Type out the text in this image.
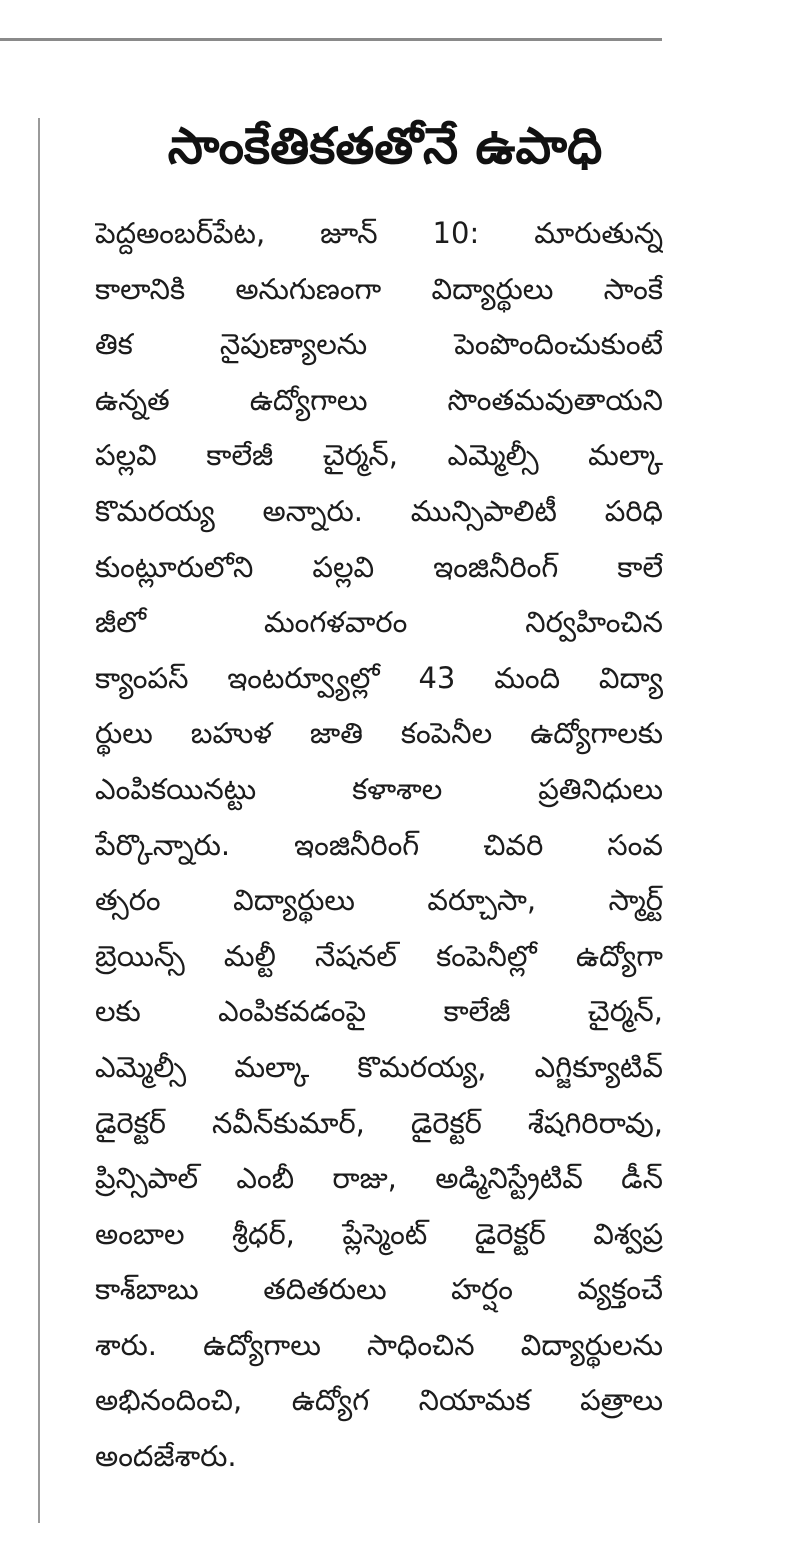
సాంకేతికతతోనే ఉపాధి
పెద్దఅంబర్‌పేట, జూన్ 10: మారుతున్న
కాలానికి అనుగుణంగా విద్యార్థులు సాంకే
తిక నైపుణ్యాలను పెంపొందించుకుంటే
ఉన్నత ఉద్యోగాలు సొంతమవుతాయని
పల్లవి కాలేజీ చైర్మన్, ఎమ్మెల్సీ మల్కా
కొమరయ్య అన్నారు. మున్సిపాలిటీ పరిధి
కుంట్లూరులోని పల్లవి ఇంజినీరింగ్ కాలే
జీలో మంగళవారం నిర్వహించిన
క్యాంపస్ ఇంటర్వ్యూల్లో 43 మంది విద్యా
ర్థులు బహుళ జాతి కంపెనీల ఉద్యోగాలకు
ఎంపికయినట్టు కళాశాల ప్రతినిధులు
పేర్కొన్నారు. ఇంజినీరింగ్ చివరి సంవ
త్సరం విద్యార్థులు వర్చూసా, స్మార్ట్
బ్రెయిన్స్ మల్టీ నేషనల్ కంపెనీల్లో ఉద్యోగా
లకు ఎంపికవడంపై కాలేజీ చైర్మన్,
ఎమ్మెల్సీ మల్కా కొమరయ్య, ఎగ్జిక్యూటివ్
డైరెక్టర్ నవీన్‌కుమార్, డైరెక్టర్ శేషగిరిరావు,
ప్రిన్సిపాల్ ఎంబీ రాజు, అడ్మినిస్ట్రేటివ్ డీన్
అంబాల శ్రీధర్, ప్లేస్మెంట్ డైరెక్టర్ విశ్వప్ర
కాశ్‌బాబు తదితరులు హర్షం వ్యక్తంచే
శారు. ఉద్యోగాలు సాధించిన విద్యార్థులను
అభినందించి, ఉద్యోగ నియామక పత్రాలు
అందజేశారు.
